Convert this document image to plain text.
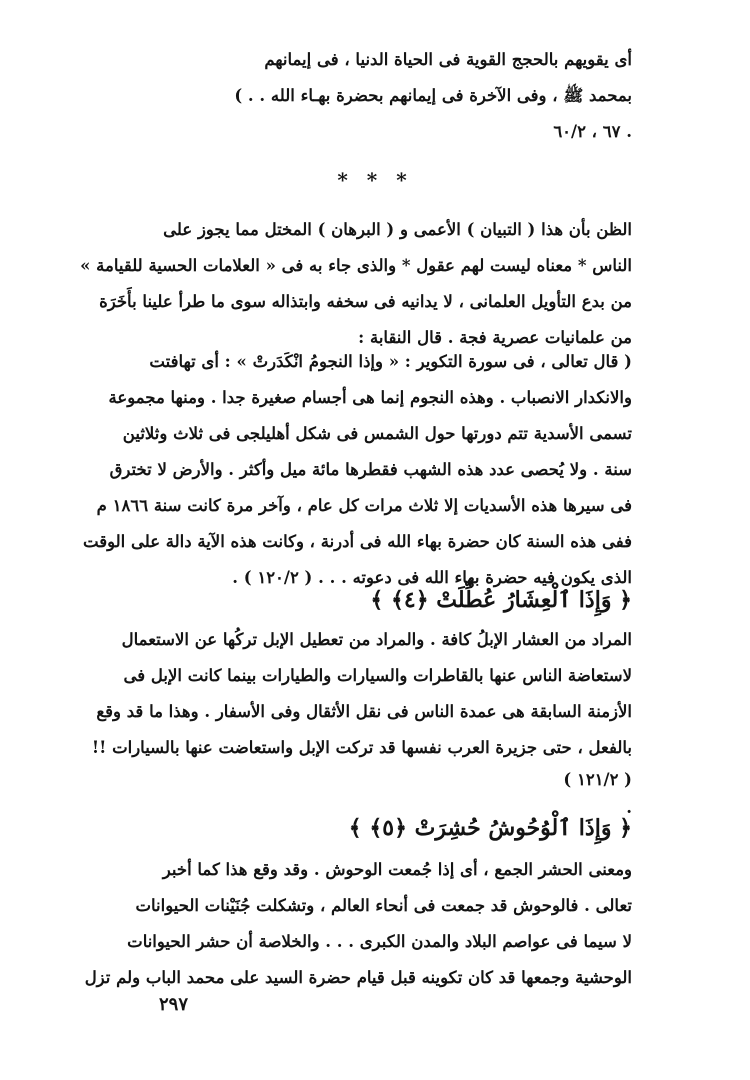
أى يقويهم بالحجج القوية فى الحياة الدنيا ، فى إيمانهم
بمحمد ﷺ ، وفى الآخرة فى إيمانهم بحضرة بهـاء الله . . )
. ٦٧ ، ٦٠/٢
* * *
الظن بأن هذا ( التبيان ) الأعمى و ( البرهان ) المختل مما يجوز على
الناس * معناه ليست لهم عقول * والذى جاء به فى « العلامات الحسية للقيامة »
من بدع التأويل العلمانى ، لا يدانيه فى سخفه وابتذاله سوى ما طرأ علينا بأَخَرَة
من علمانيات عصرية فجة . قال النقابة :
( قال تعالى ، فى سورة التكوير : « وإذا النجومُ انْكَدَرتْ » : أى تهافتت
والانكدار الانصباب . وهذه النجوم إنما هى أجسام صغيرة جدا . ومنها مجموعة
تسمى الأسدية تتم دورتها حول الشمس فى شكل أهليلجى فى ثلاث وثلاثين
سنة . ولا يُحصى عدد هذه الشهب فقطرها مائة ميل وأكثر . والأرض لا تخترق
فى سيرها هذه الأسديات إلا ثلاث مرات كل عام ، وآخر مرة كانت سنة ١٨٦٦ م
ففى هذه السنة كان حضرة بهاء الله فى أدرنة ، وكانت هذه الآية دالة على الوقت
الذى يكون فيه حضرة بهاء الله فى دعوته . . . ( ١٢٠/٢ ) .
﴿ وَإِذَا ٱلْعِشَارُ عُطِّلَتْ ﴿٤﴾ ﴾
المراد من العشار الإبلُ كافة . والمراد من تعطيل الإبل تركُها عن الاستعمال
لاستعاضة الناس عنها بالقاطرات والسيارات والطيارات بينما كانت الإبل فى
الأزمنة السابقة هى عمدة الناس فى نقل الأثقال وفى الأسفار . وهذا ما قد وقع
بالفعل ، حتى جزيرة العرب نفسها قد تركت الإبل واستعاضت عنها بالسيارات !!
( ١٢١/٢ )
.
﴿ وَإِذَا ٱلْوُحُوشُ حُشِرَتْ ﴿٥﴾ ﴾
ومعنى الحشر الجمع ، أى إذا جُمعت الوحوش . وقد وقع هذا كما أخبر
تعالى . فالوحوش قد جمعت فى أنحاء العالم ، وتشكلت جُنَيْنات الحيوانات
لا سيما فى عواصم البلاد والمدن الكبرى . . . والخلاصة أن حشر الحيوانات
الوحشية وجمعها قد كان تكوينه قبل قيام حضرة السيد على محمد الباب ولم تزل
٢٩٧
